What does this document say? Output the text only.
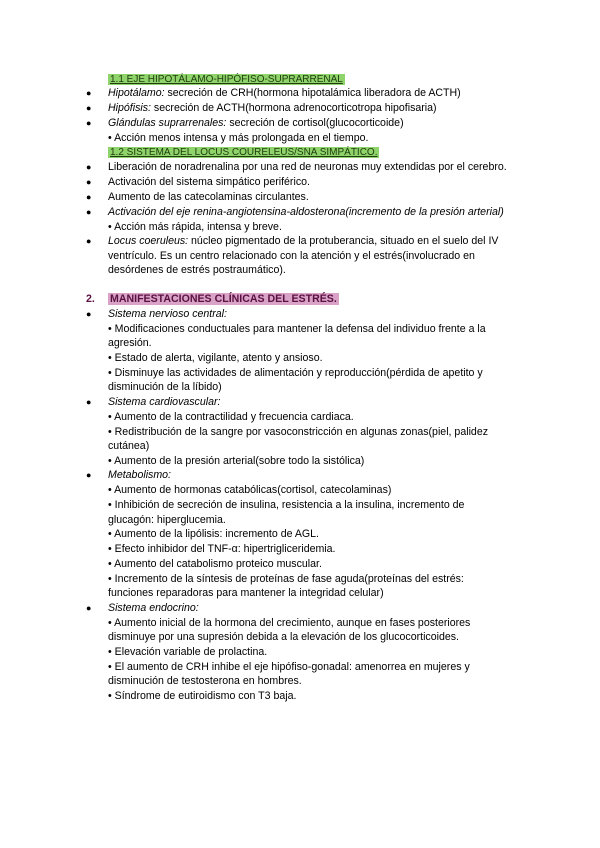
1.1 EJE HIPOTÁLAMO-HIPÓFISO-SUPRARRENAL
● Hipotálamo: secreción de CRH(hormona hipotalámica liberadora de ACTH)
● Hipófisis: secreción de ACTH(hormona adrenocorticotropa hipofisaria)
● Glándulas suprarrenales: secreción de cortisol(glucocorticoide)
• Acción menos intensa y más prolongada en el tiempo.
1.2 SISTEMA DEL LOCUS COURELEUS/SNA SIMPÁTICO.
● Liberación de noradrenalina por una red de neuronas muy extendidas por el cerebro.
● Activación del sistema simpático periférico.
● Aumento de las catecolaminas circulantes.
● Activación del eje renina-angiotensina-aldosterona(incremento de la presión arterial)
• Acción más rápida, intensa y breve.
● Locus coeruleus: núcleo pigmentado de la protuberancia, situado en el suelo del IV
ventrículo. Es un centro relacionado con la atención y el estrés(involucrado en
desórdenes de estrés postraumático).
2. MANIFESTACIONES CLÍNICAS DEL ESTRÉS.
● Sistema nervioso central:
• Modificaciones conductuales para mantener la defensa del individuo frente a la
agresión.
• Estado de alerta, vigilante, atento y ansioso.
• Disminuye las actividades de alimentación y reproducción(pérdida de apetito y
disminución de la líbido)
● Sistema cardiovascular:
• Aumento de la contractilidad y frecuencia cardiaca.
• Redistribución de la sangre por vasoconstricción en algunas zonas(piel, palidez
cutánea)
• Aumento de la presión arterial(sobre todo la sistólica)
● Metabolismo:
• Aumento de hormonas catabólicas(cortisol, catecolaminas)
• Inhibición de secreción de insulina, resistencia a la insulina, incremento de
glucagón: hiperglucemia.
• Aumento de la lipólisis: incremento de AGL.
• Efecto inhibidor del TNF-α: hipertrigliceridemia.
• Aumento del catabolismo proteico muscular.
• Incremento de la síntesis de proteínas de fase aguda(proteínas del estrés:
funciones reparadoras para mantener la integridad celular)
● Sistema endocrino:
• Aumento inicial de la hormona del crecimiento, aunque en fases posteriores
disminuye por una supresión debida a la elevación de los glucocorticoides.
• Elevación variable de prolactina.
• El aumento de CRH inhibe el eje hipófiso-gonadal: amenorrea en mujeres y
disminución de testosterona en hombres.
• Síndrome de eutiroidismo con T3 baja.
